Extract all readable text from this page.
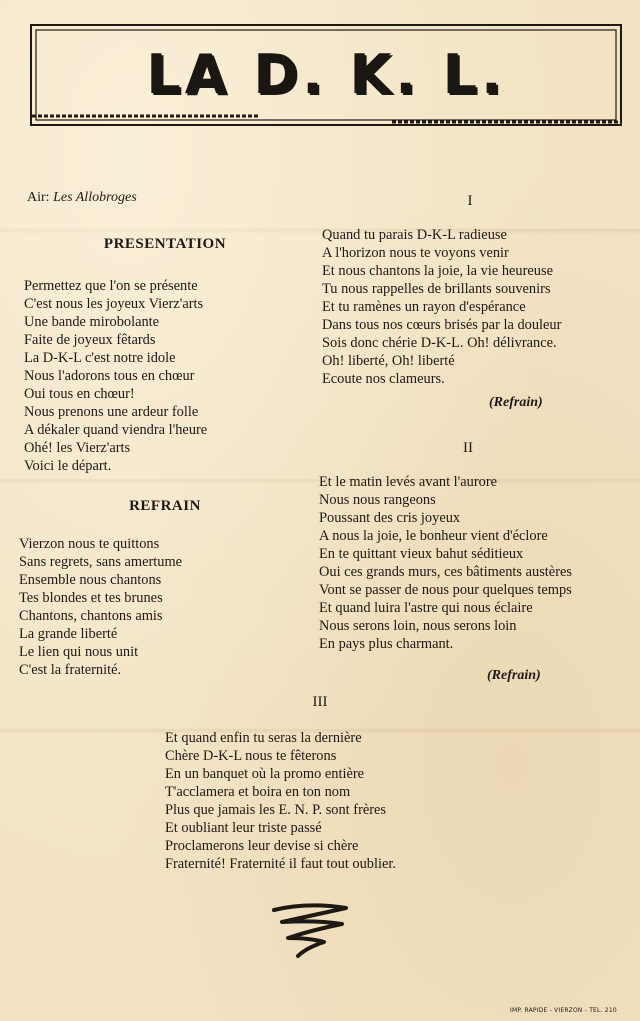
LA D. K. L.
Air: Les Allobroges
PRESENTATION
Permettez que l'on se présente
C'est nous les joyeux Vierz'arts
Une bande mirobolante
Faite de joyeux fêtards
La D-K-L c'est notre idole
Nous l'adorons tous en chœur
Oui tous en chœur!
Nous prenons une ardeur folle
A dékaler quand viendra l'heure
Ohé! les Vierz'arts
Voici le départ.
REFRAIN
Vierzon nous te quittons
Sans regrets, sans amertume
Ensemble nous chantons
Tes blondes et tes brunes
Chantons, chantons amis
La grande liberté
Le lien qui nous unit
C'est la fraternité.
I
Quand tu parais D-K-L radieuse
A l'horizon nous te voyons venir
Et nous chantons la joie, la vie heureuse
Tu nous rappelles de brillants souvenirs
Et tu ramènes un rayon d'espérance
Dans tous nos cœurs brisés par la douleur
Sois donc chérie D-K-L. Oh! délivrance.
Oh! liberté, Oh! liberté
Ecoute nos clameurs.
(Refrain)
II
Et le matin levés avant l'aurore
Nous nous rangeons
Poussant des cris joyeux
A nous la joie, le bonheur vient d'éclore
En te quittant vieux bahut séditieux
Oui ces grands murs, ces bâtiments austères
Vont se passer de nous pour quelques temps
Et quand luira l'astre qui nous éclaire
Nous serons loin, nous serons loin
En pays plus charmant.
(Refrain)
III
Et quand enfin tu seras la dernière
Chère D-K-L nous te fêterons
En un banquet où la promo entière
T'acclamera et boira en ton nom
Plus que jamais les E. N. P. sont frères
Et oubliant leur triste passé
Proclamerons leur devise si chère
Fraternité! Fraternité il faut tout oublier.
IMP. RAPIDE - VIERZON - TEL. 210
